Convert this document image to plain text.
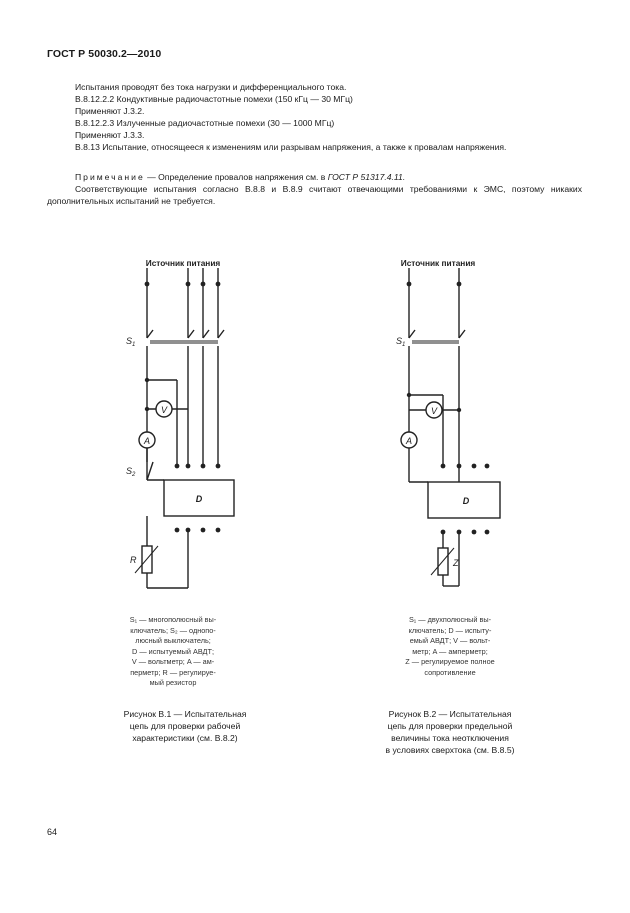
ГОСТ Р 50030.2—2010

Испытания проводят без тока нагрузки и дифференциального тока.

B.8.12.2.2 Кондуктивные радиочастотные помехи (150 кГц — 30 МГц)

Применяют J.3.2.

B.8.12.2.3 Излученные радиочастотные помехи (30 — 1000 МГц)

Применяют J.3.3.

B.8.13 Испытание, относящееся к изменениям или разрывам напряжения, а также к провалам напряжения.
Примечание — Определение провалов напряжения см. в ГОСТ Р 51317.4.11.
Соответствующие испытания согласно B.8.8 и B.8.9 считают отвечающими требованиями к ЭМС, поэтому никаких дополнительных испытаний не требуется.
V
A
D
Источник питания
$S_1$
$S_2$
R
S₁ — многополюсный вы-
ключатель; S₂ — однопо-
люсный выключатель;
D — испытуемый АВДТ;
V — вольтметр; A — ам-
перметр; R — регулируе-
мый резистор
Рисунок B.1 — Испытательная
цепь для проверки рабочей
характеристики (см. B.8.2)
V
A
D
Источник питания
$S_1$
Z
S₁ — двухполюсный вы-
ключатель; D — испыту-
емый АВДТ; V — вольт-
метр; A — амперметр;
Z — регулируемое полное
сопротивление
Рисунок B.2 — Испытательная
цепь для проверки предельной
величины тока неотключения
в условиях сверхтока (см. B.8.5)
64
